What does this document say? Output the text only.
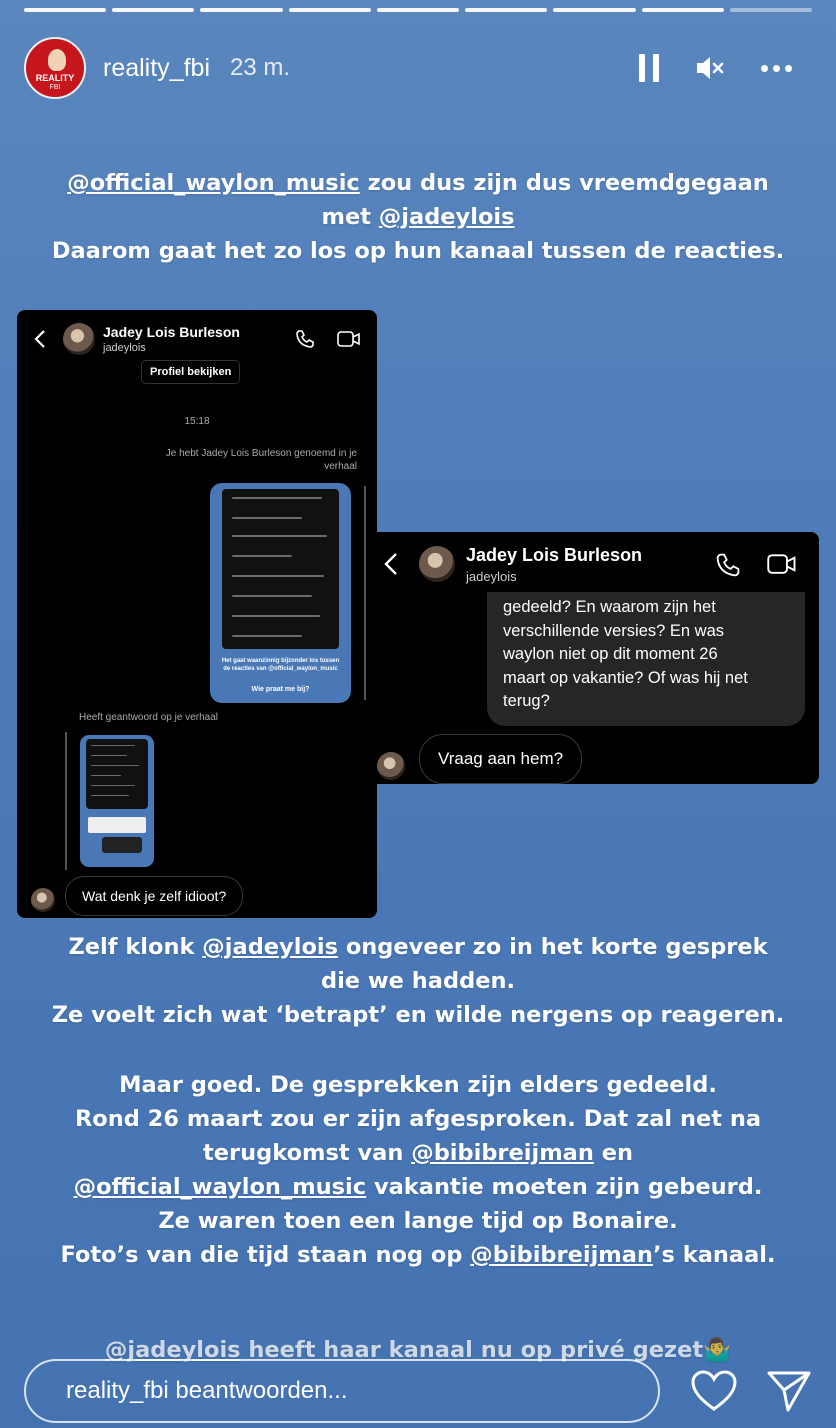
REALITY
FBI
reality_fbi 23 m.
@official_waylon_music zou dus zijn dus vreemdgegaan
met @jadeylois
Daarom gaat het zo los op hun kanaal tussen de reacties.
Jadey Lois Burleson
jadeylois
Profiel bekijken
15:18
Je hebt Jadey Lois Burleson genoemd in je verhaal
Het gaat waanzinnig bijzonder los tussen de reacties van @official_waylon_music
Wie praat me bij?
Heeft geantwoord op je verhaal
Wat denk je zelf idioot?
Jadey Lois Burleson
jadeylois
gedeeld? En waarom zijn het
verschillende versies? En was
waylon niet op dit moment 26
maart op vakantie? Of was hij net
terug?
Vraag aan hem?
Zelf klonk @jadeylois ongeveer zo in het korte gesprek
die we hadden.
Ze voelt zich wat ‘betrapt’ en wilde nergens op reageren.
Maar goed. De gesprekken zijn elders gedeeld.
Rond 26 maart zou er zijn afgesproken. Dat zal net na
terugkomst van @bibibreijman en
@official_waylon_music vakantie moeten zijn gebeurd.
Ze waren toen een lange tijd op Bonaire.
Foto’s van die tijd staan nog op @bibibreijman’s kanaal.
@jadeylois heeft haar kanaal nu op privé gezet🤷‍♂️
reality_fbi beantwoorden...
